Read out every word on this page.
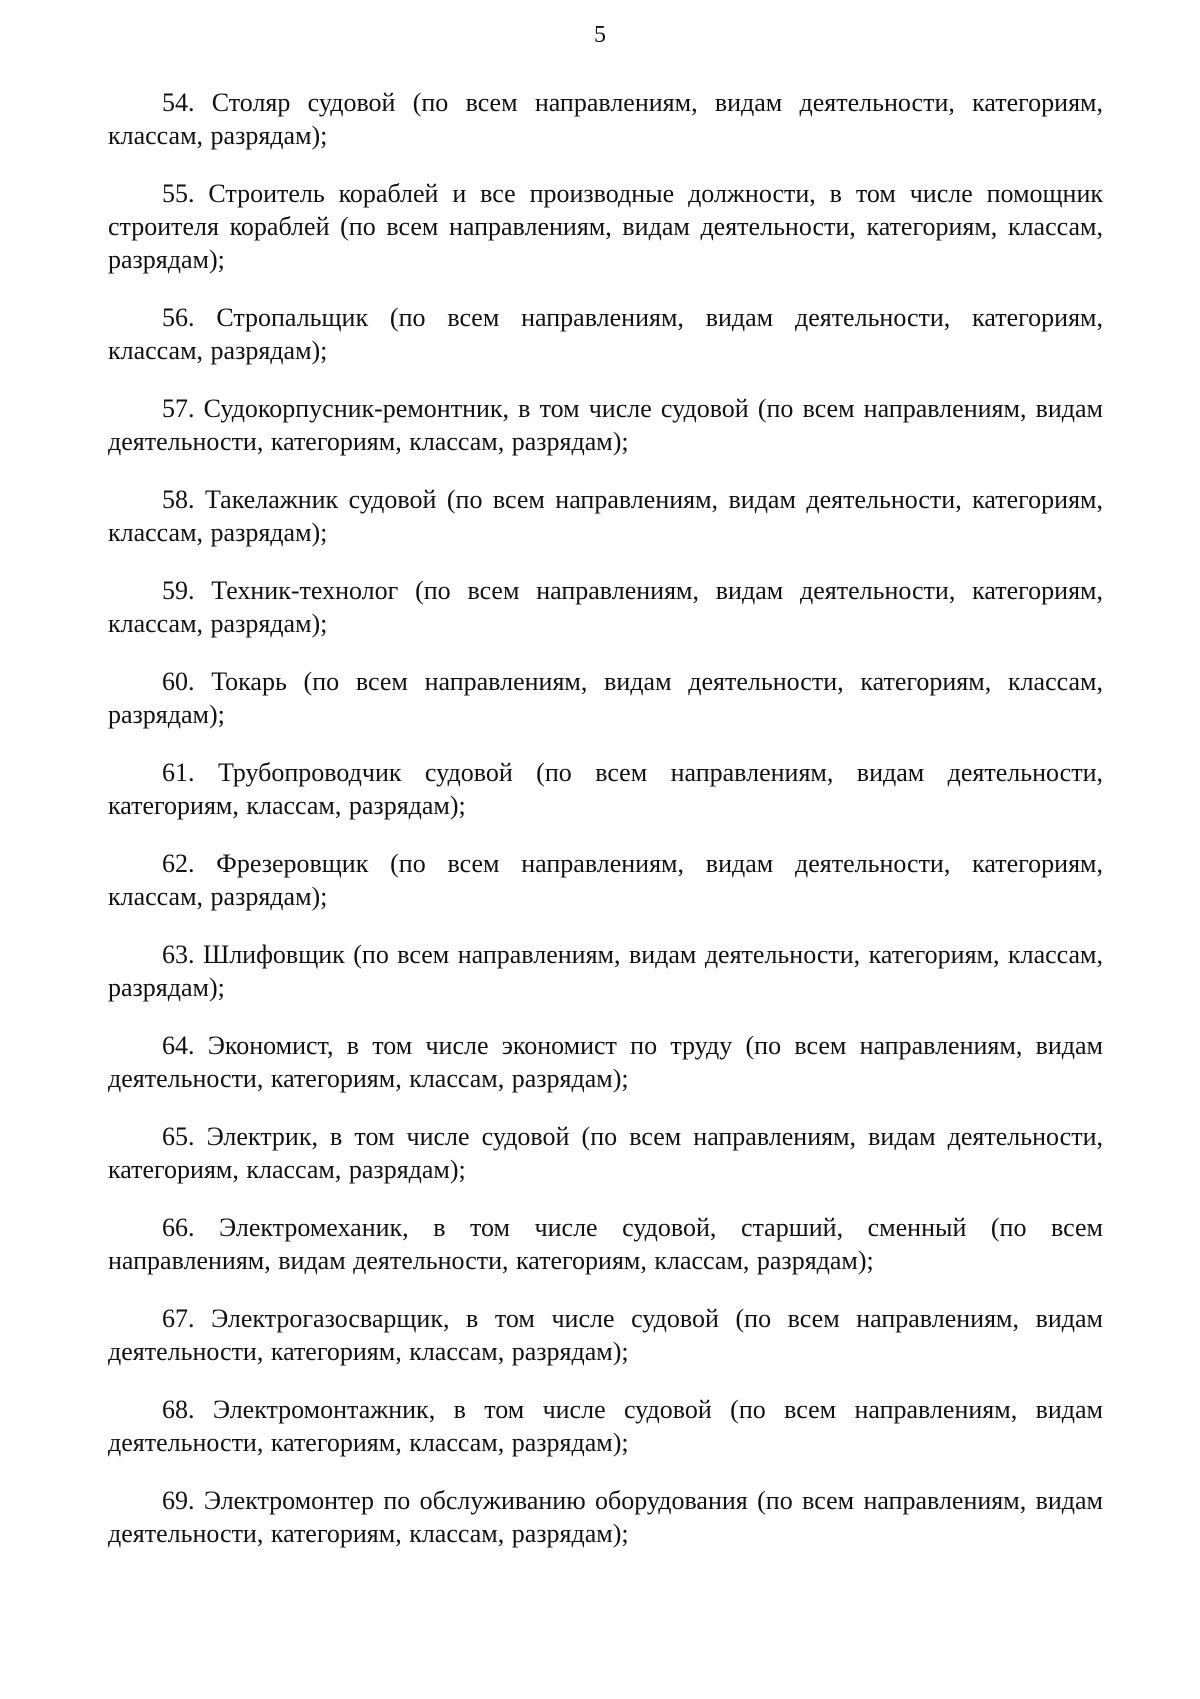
5

54. Столяр судовой (по всем направлениям, видам деятельности, категориям, классам, разрядам);

55. Строитель кораблей и все производные должности, в том числе помощник строителя кораблей (по всем направлениям, видам деятельности, категориям, классам, разрядам);

56. Стропальщик (по всем направлениям, видам деятельности, категориям, классам, разрядам);

57. Судокорпусник-ремонтник, в том числе судовой (по всем направлениям, видам деятельности, категориям, классам, разрядам);

58. Такелажник судовой (по всем направлениям, видам деятельности, категориям, классам, разрядам);

59. Техник-технолог (по всем направлениям, видам деятельности, категориям, классам, разрядам);

60. Токарь (по всем направлениям, видам деятельности, категориям, классам, разрядам);

61. Трубопроводчик судовой (по всем направлениям, видам деятельности, категориям, классам, разрядам);

62. Фрезеровщик (по всем направлениям, видам деятельности, категориям, классам, разрядам);

63. Шлифовщик (по всем направлениям, видам деятельности, категориям, классам, разрядам);

64. Экономист, в том числе экономист по труду (по всем направлениям, видам деятельности, категориям, классам, разрядам);

65. Электрик, в том числе судовой (по всем направлениям, видам деятельности, категориям, классам, разрядам);

66. Электромеханик, в том числе судовой, старший, сменный (по всем направлениям, видам деятельности, категориям, классам, разрядам);

67. Электрогазосварщик, в том числе судовой (по всем направлениям, видам деятельности, категориям, классам, разрядам);

68. Электромонтажник, в том числе судовой (по всем направлениям, видам деятельности, категориям, классам, разрядам);

69. Электромонтер по обслуживанию оборудования (по всем направлениям, видам деятельности, категориям, классам, разрядам);
